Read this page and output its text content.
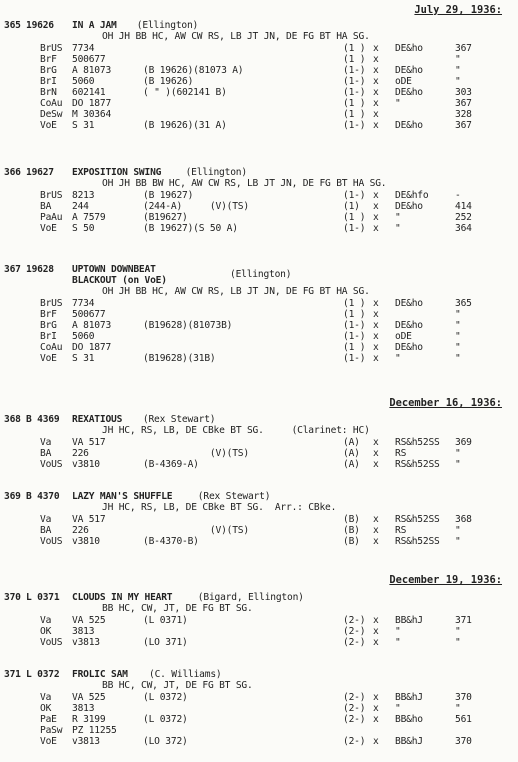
July 29, 1936:
December 16, 1936:
December 19, 1936:
365 19626 IN A JAM (Ellington)
OH JH BB HC, AW CW RS, LB JT JN, DE FG BT HA SG.
BrUS 7734	(1 ) x DE&ho	367
BrF 500677	(1 ) x	"
BrG A 81073	(B 19626)(81073 A)	(1-) x DE&ho	"
BrI 5060	(B 19626)	(1-) x oDE	"
BrN 602141	( " )(602141 B)	(1-) x DE&ho	303
CoAu DO 1877	(1 ) x "	367
DeSw M 30364	(1 ) x	328
VoE S 31	(B 19626)(31 A)	(1-) x DE&ho	367
366 19627 EXPOSITION SWING	(Ellington)
OH JH BB BW HC, AW CW RS, LB JT JN, DE FG BT HA SG.
BrUS 8213	(B 19627)	(1-) x DE&hfo	-
BA 244	(244-A)     (V)(TS)	(1) x DE&ho	414
PaAu A 7579	(B19627)	(1 ) x "	252
VoE S 50	(B 19627)(S 50 A)	(1-) x "	364
367 19628 UPTOWN DOWNBEAT
BLACKOUT (on VoE)
(Ellington)
OH JH BB HC, AW CW RS, LB JT JN, DE FG BT HA SG.
BrUS 7734	(1 ) x DE&ho	365
BrF 500677	(1 ) x	"
BrG A 81073	(B19628)(81073B)	(1-) x DE&ho	"
BrI 5060	(1-) x oDE	"
CoAu DO 1877	(1 ) x DE&ho	"
VoE S 31	(B19628)(31B)	(1-) x "	"
368 B 4369 REXATIOUS (Rex Stewart)
JH HC, RS, LB, DE CBke BT SG.     (Clarinet: HC)
Va VA 517	(A) x RS&h52SS 369
BA 226	(V)(TS)	(A) x RS	"
VoUS v3810	(B-4369-A)	(A) x RS&h52SS "
369 B 4370 LAZY MAN'S SHUFFLE	(Rex Stewart)
JH HC, RS, LB, DE CBke BT SG.  Arr.: CBke.
Va VA 517	(B) x RS&h52SS 368
BA 226	(V)(TS)	(B) x RS	"
VoUS v3810	(B-4370-B)	(B) x RS&h52SS "
370 L 0371 CLOUDS IN MY HEART	(Bigard, Ellington)
BB HC, CW, JT, DE FG BT SG.
Va VA 525	(L 0371)	(2-) x BB&hJ	371
OK 3813	(2-) x "	"
VoUS v3813	(LO 371)	(2-) x "	"
371 L 0372 FROLIC SAM (C. Williams)
BB HC, CW, JT, DE FG BT SG.
Va VA 525	(L 0372)	(2-) x BB&hJ	370
OK 3813	(2-) x "	"
PaE R 3199	(L 0372)	(2-) x BB&ho	561
PaSw PZ 11255
VoE v3813	(LO 372)	(2-) x BB&hJ	370
